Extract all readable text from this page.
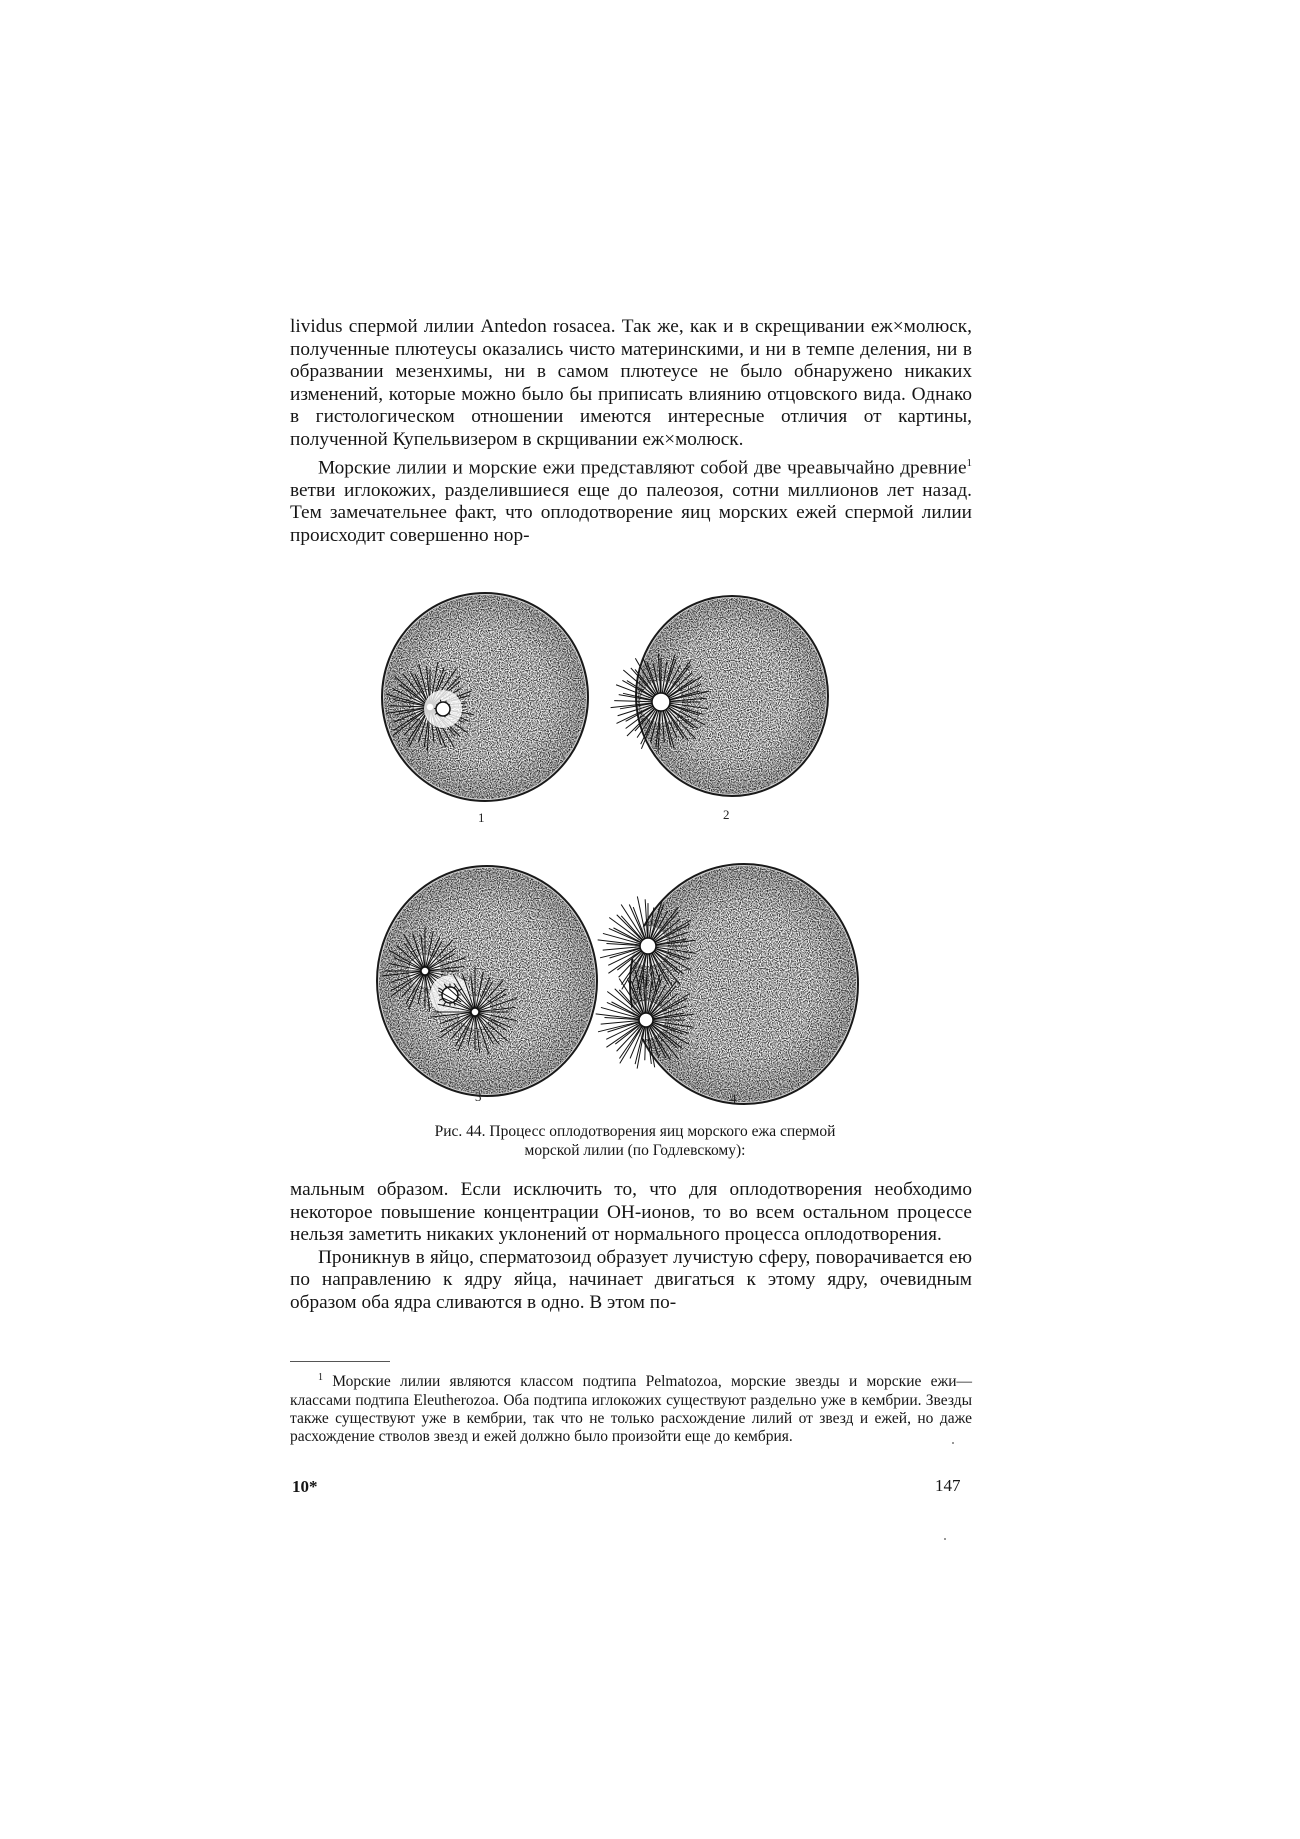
lividus спермой лилии Antedon rosacea. Так же, как и в скрещивании еж×молюск, полученные плютеусы оказались чисто материнскими, и ни в темпе деления, ни в образвании мезенхимы, ни в самом плютеусе не было обнаружено никаких изменений, которые можно было бы приписать влиянию отцовского вида. Однако в гистологическом отношении имеются интересные отличия от картины, полученной Купельвизером в скрщивании еж×молюск.

Морские лилии и морские ежи представляют собой две чреавычайно древние$^1$ ветви иглокожих, разделившиеся еще до палеозоя, сотни миллионов лет назад. Тем замечательнее факт, что оплодотворение яиц морских ежей спермой лилии происходит совершенно нор-

1	2
3	4

Рис. 44. Процесс оплодотворения яиц морского ежа спермой
морской лилии (по Годлевскому):

мальным образом. Если исключить то, что для оплодотворения необходимо некоторое повышение концентрации ОН-ионов, то во всем остальном процессе нельзя заметить никаких уклонений от нормального процесса оплодотворения.

Проникнув в яйцо, сперматозоид образует лучистую сферу, поворачивается ею по направлению к ядру яйца, начинает двигаться к этому ядру, очевидным образом оба ядра сливаются в одно. В этом по-

$^1$ Морские лилии являются классом подтипа Pelmatozoa, морские звезды и морские ежи—классами подтипа Eleutherozoa. Оба подтипа иглокожих существуют раздельно уже в кембрии. Звезды также существуют уже в кембрии, так что не только расхождение лилий от звезд и ежей, но даже расхождение стволов звезд и ежей должно было произойти еще до кембрия.

10*	147
